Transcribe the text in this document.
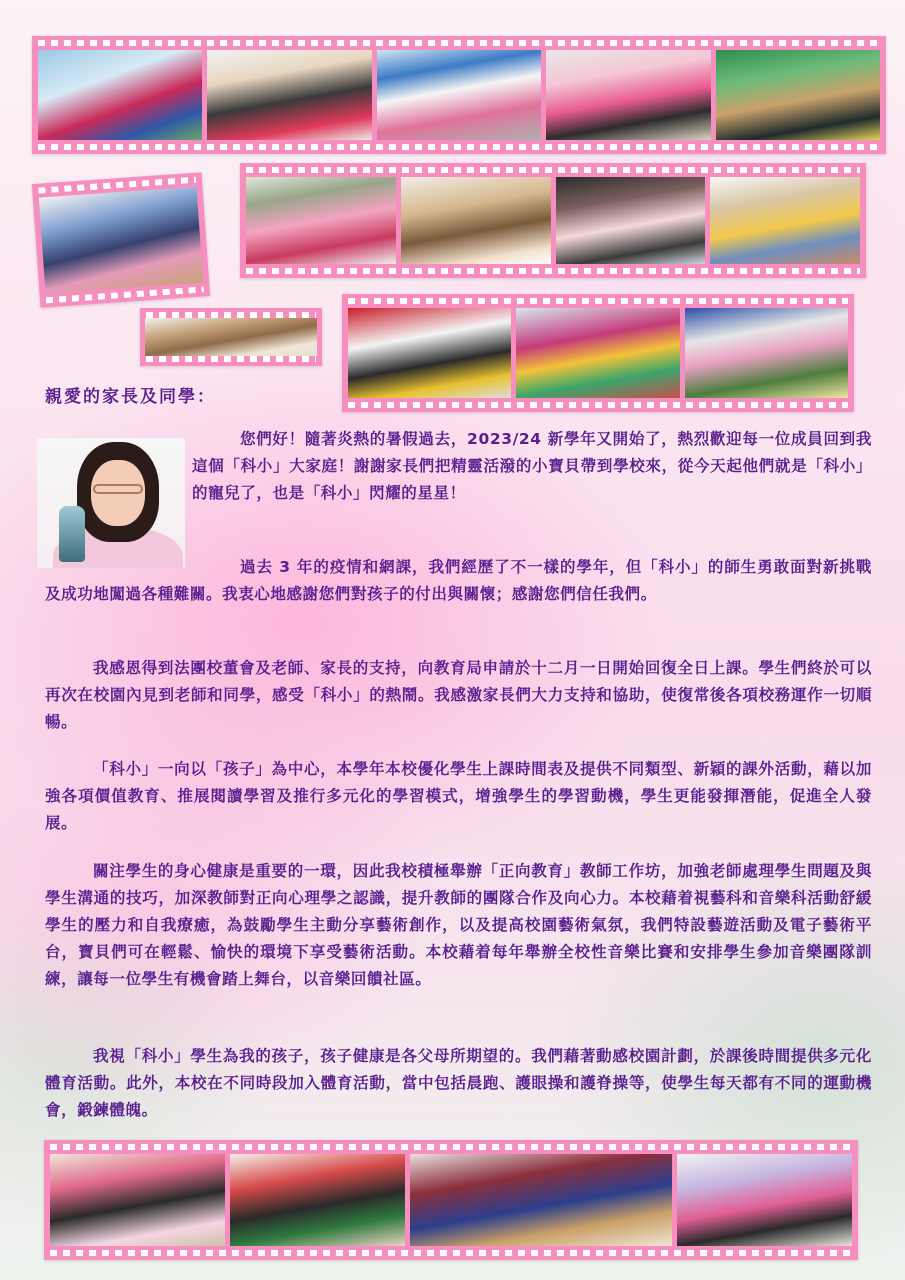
親愛的家長及同學：

您們好！隨著炎熱的暑假過去，2023/24 新學年又開始了，熱烈歡迎每一位成員回到我這個「科小」大家庭！謝謝家長們把精靈活潑的小寶貝帶到學校來，從今天起他們就是「科小」的寵兒了，也是「科小」閃耀的星星！

過去 3 年的疫情和網課，我們經歷了不一樣的學年，但「科小」的師生勇敢面對新挑戰及成功地闖過各種難關。我衷心地感謝您們對孩子的付出與關懷；感謝您們信任我們。

我感恩得到法團校董會及老師、家長的支持，向教育局申請於十二月一日開始回復全日上課。學生們終於可以再次在校園內見到老師和同學，感受「科小」的熱鬧。我感激家長們大力支持和協助，使復常後各項校務運作一切順暢。

「科小」一向以「孩子」為中心，本學年本校優化學生上課時間表及提供不同類型、新穎的課外活動，藉以加強各項價值教育、推展閱讀學習及推行多元化的學習模式，增強學生的學習動機，學生更能發揮潛能，促進全人發展。

關注學生的身心健康是重要的一環，因此我校積極舉辦「正向教育」教師工作坊，加強老師處理學生問題及與學生溝通的技巧，加深教師對正向心理學之認識，提升教師的團隊合作及向心力。本校藉着視藝科和音樂科活動舒緩學生的壓力和自我療癒，為鼓勵學生主動分享藝術創作，以及提高校園藝術氣氛，我們特設藝遊活動及電子藝術平台，寶貝們可在輕鬆、愉快的環境下享受藝術活動。本校藉着每年舉辦全校性音樂比賽和安排學生參加音樂團隊訓練，讓每一位學生有機會踏上舞台，以音樂回饋社區。

我視「科小」學生為我的孩子，孩子健康是各父母所期望的。我們藉著動感校園計劃，於課後時間提供多元化體育活動。此外，本校在不同時段加入體育活動，當中包括晨跑、護眼操和護脊操等，使學生每天都有不同的運動機會，鍛鍊體魄。
